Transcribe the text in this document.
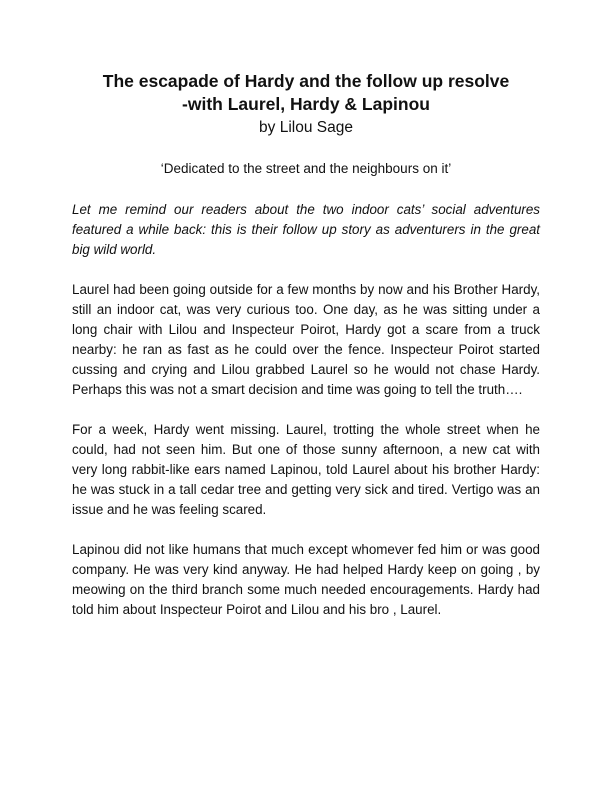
The escapade of Hardy and the follow up resolve
-with Laurel, Hardy & Lapinou
by Lilou Sage
‘Dedicated to the street and the neighbours on it’

Let me remind our readers about the two indoor cats’ social adventures featured a while back: this is their follow up story as adventurers in the great big wild world.

Laurel had been going outside for a few months by now and his Brother Hardy, still an indoor cat, was very curious too. One day, as he was sitting under a long chair with Lilou and Inspecteur Poirot, Hardy got a scare from a truck nearby: he ran as fast as he could over the fence. Inspecteur Poirot started cussing and crying and Lilou grabbed Laurel so he would not chase Hardy. Perhaps this was not a smart decision and time was going to tell the truth….

For a week, Hardy went missing. Laurel, trotting the whole street when he could, had not seen him. But one of those sunny afternoon, a new cat with very long rabbit-like ears named Lapinou, told Laurel about his brother Hardy: he was stuck in a tall cedar tree and getting very sick and tired. Vertigo was an issue and he was feeling scared.

Lapinou did not like humans that much except whomever fed him or was good company. He was very kind anyway. He had helped Hardy keep on going , by meowing on the third branch some much needed encouragements. Hardy had told him about Inspecteur Poirot and Lilou and his bro , Laurel.
